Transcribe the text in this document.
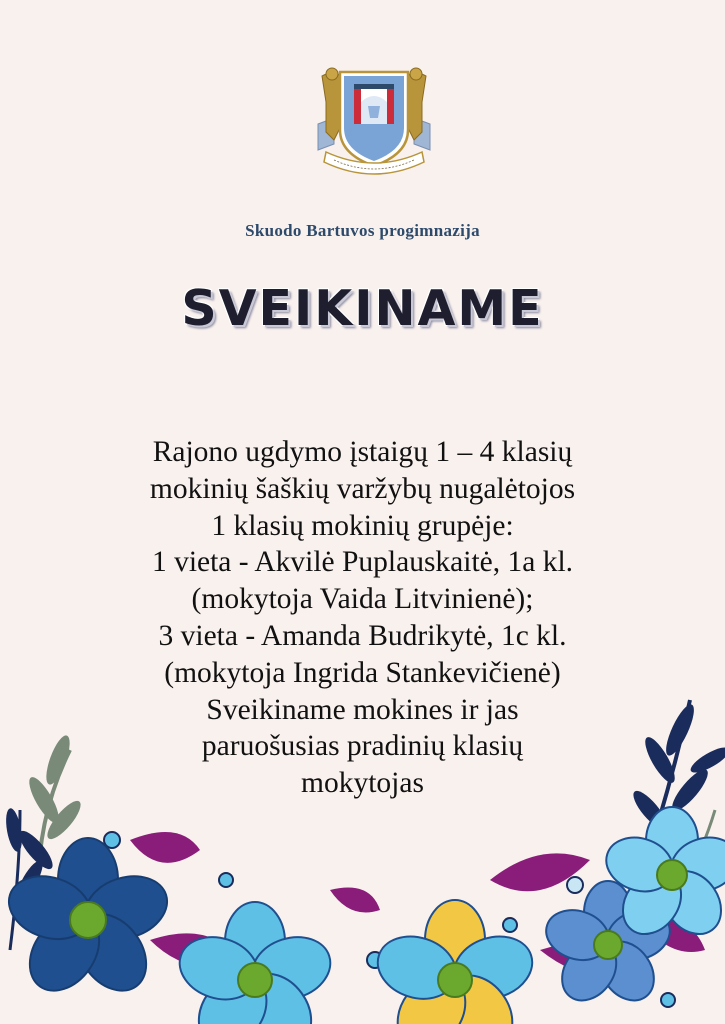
Skuodo Bartuvos progimnazija
SVEIKINAME
Rajono ugdymo įstaigų 1 – 4 klasių
mokinių šaškių varžybų nugalėtojos
1 klasių mokinių grupėje:
1 vieta - Akvilė Puplauskaitė, 1a kl.
(mokytoja Vaida Litvinienė);
3 vieta - Amanda Budrikytė, 1c kl.
(mokytoja Ingrida Stankevičienė)
Sveikiname mokines ir jas
paruošusias pradinių klasių
mokytojas
